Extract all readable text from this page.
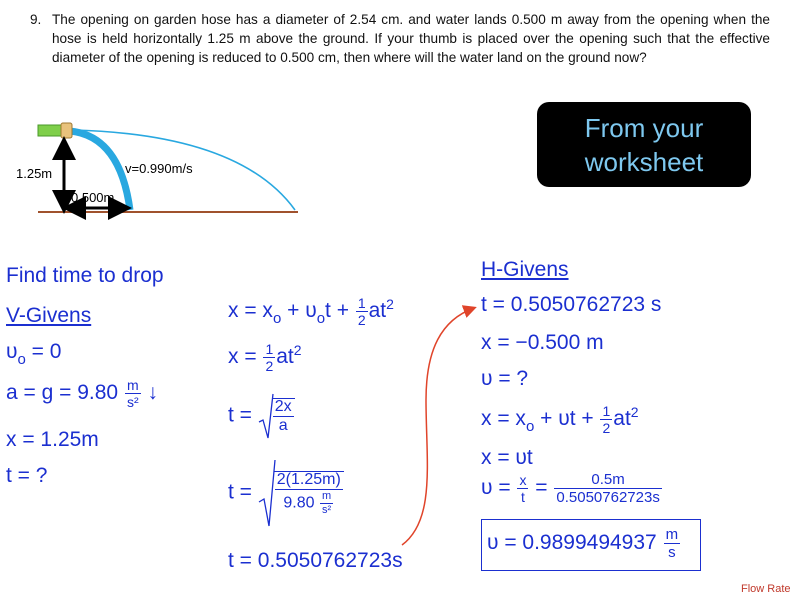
9. The opening on garden hose has a diameter of 2.54 cm. and water lands 0.500 m away from the opening when the hose is held horizontally 1.25 m above the ground. If your thumb is placed over the opening such that the effective diameter of the opening is reduced to 0.500 cm, then where will the water land on the ground now?
1.25m
0.500m
v=0.990m/s
From your
worksheet
Find time to drop
V-Givens
$\upsilon_o = 0$
$a = g = 9.80 \frac{m}{\text{s²}}$ ↓
x = 1.25m
t = ?
$x = x_o + \upsilon_ot + \frac{1}{2} at^2$
$x = \frac{1}{2} at^2$
$t = \frac{2x}{a}$
$t = \frac{2(1.25m)}{9.80 \frac{m}{\text{s²}}}$
t = 0.5050762723s
H-Givens
t = 0.5050762723 s
x = −0.500 m
υ = ?
$x = x_o + \upsilon t + \frac{1}{2} at^2$
x = υt
$\upsilon = \frac{x}{t} = \frac{0.5m}{0.5050762723s}$
$\upsilon = 0.9899494937 \frac{m}{s}$
Flow Rate
